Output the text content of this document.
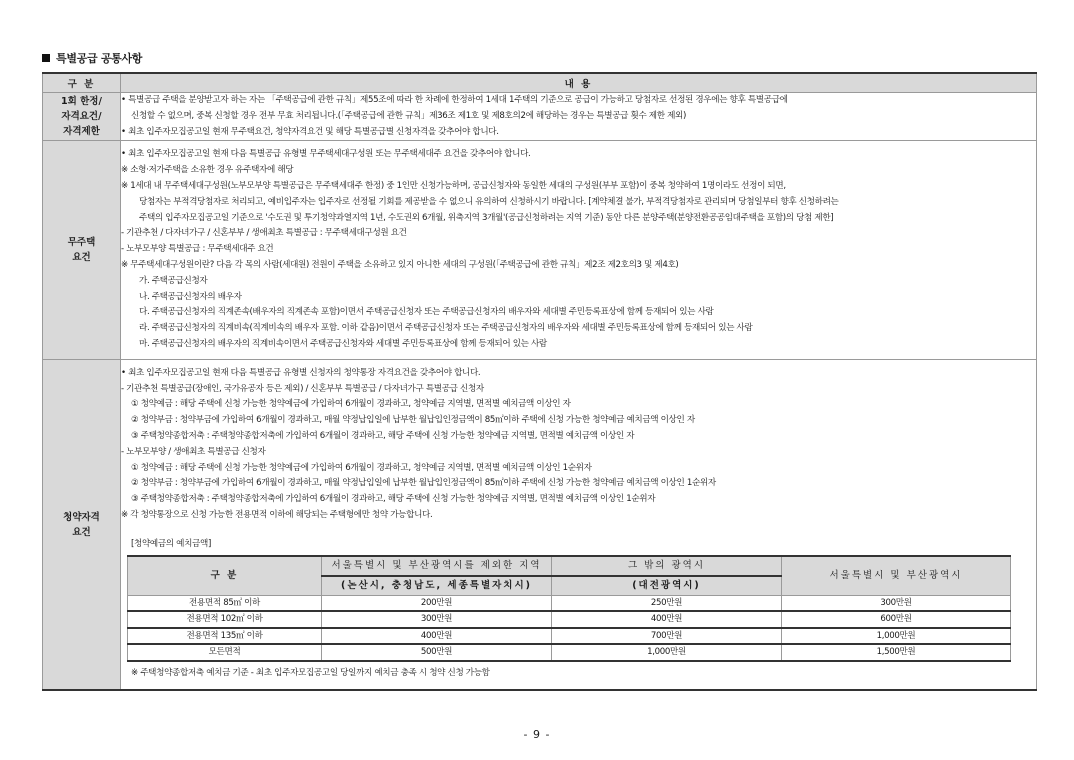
특별공급 공통사항
구 분	내 용

1회 한정/
자격요건/
자격제한

• 특별공급 주택을 분양받고자 하는 자는 「주택공급에 관한 규칙」제55조에 따라 한 차례에 한정하여 1세대 1주택의 기준으로 공급이 가능하고 당첨자로 선정된 경우에는 향후 특별공급에
신청할 수 없으며, 중복 신청할 경우 전부 무효 처리됩니다.(「주택공급에 관한 규칙」제36조 제1호 및 제8호의2에 해당하는 경우는 특별공급 횟수 제한 제외)
• 최초 입주자모집공고일 현재 무주택요건, 청약자격요건 및 해당 특별공급별 신청자격을 갖추어야 합니다.

무주택
요건

• 최초 입주자모집공고일 현재 다음 특별공급 유형별 무주택세대구성원 또는 무주택세대주 요건을 갖추어야 합니다.
※ 소형·저가주택을 소유한 경우 유주택자에 해당
※ 1세대 내 무주택세대구성원(노부모부양 특별공급은 무주택세대주 한정) 중 1인만 신청가능하며, 공급신청자와 동일한 세대의 구성원(부부 포함)이 중복 청약하여 1명이라도 선정이 되면,
당첨자는 부적격당첨자로 처리되고, 예비입주자는 입주자로 선정될 기회를 제공받을 수 없으니 유의하여 신청하시기 바랍니다. [계약체결 불가, 부적격당첨자로 관리되며 당첨일부터 향후 신청하려는
주택의 입주자모집공고일 기준으로 '수도권 및 투기청약과열지역 1년, 수도권외 6개월, 위축지역 3개월'(공급신청하려는 지역 기준) 동안 다른 분양주택(분양전환공공임대주택을 포함)의 당첨 제한]
- 기관추천 / 다자녀가구 / 신혼부부 / 생애최초 특별공급 : 무주택세대구성원 요건
- 노부모부양 특별공급 : 무주택세대주 요건
※ 무주택세대구성원이란? 다음 각 목의 사람(세대원) 전원이 주택을 소유하고 있지 아니한 세대의 구성원(「주택공급에 관한 규칙」제2조 제2호의3 및 제4호)
가. 주택공급신청자
나. 주택공급신청자의 배우자
다. 주택공급신청자의 직계존속(배우자의 직계존속 포함)이면서 주택공급신청자 또는 주택공급신청자의 배우자와 세대별 주민등록표상에 함께 등재되어 있는 사람
라. 주택공급신청자의 직계비속(직계비속의 배우자 포함. 이하 같음)이면서 주택공급신청자 또는 주택공급신청자의 배우자와 세대별 주민등록표상에 함께 등재되어 있는 사람
마. 주택공급신청자의 배우자의 직계비속이면서 주택공급신청자와 세대별 주민등록표상에 함께 등재되어 있는 사람

청약자격
요건

• 최초 입주자모집공고일 현재 다음 특별공급 유형별 신청자의 청약통장 자격요건을 갖추어야 합니다.
- 기관추천 특별공급(장애인, 국가유공자 등은 제외) / 신혼부부 특별공급 / 다자녀가구 특별공급 신청자
① 청약예금 : 해당 주택에 신청 가능한 청약예금에 가입하여 6개월이 경과하고, 청약예금 지역별, 면적별 예치금액 이상인 자
② 청약부금 : 청약부금에 가입하여 6개월이 경과하고, 매월 약정납입일에 납부한 월납입인정금액이 85㎡이하 주택에 신청 가능한 청약예금 예치금액 이상인 자
③ 주택청약종합저축 : 주택청약종합저축에 가입하여 6개월이 경과하고, 해당 주택에 신청 가능한 청약예금 지역별, 면적별 예치금액 이상인 자
- 노부모부양 / 생애최초 특별공급 신청자
① 청약예금 : 해당 주택에 신청 가능한 청약예금에 가입하여 6개월이 경과하고, 청약예금 지역별, 면적별 예치금액 이상인 1순위자
② 청약부금 : 청약부금에 가입하여 6개월이 경과하고, 매월 약정납입일에 납부한 월납입인정금액이 85㎡이하 주택에 신청 가능한 청약예금 예치금액 이상인 1순위자
③ 주택청약종합저축 : 주택청약종합저축에 가입하여 6개월이 경과하고, 해당 주택에 신청 가능한 청약예금 지역별, 면적별 예치금액 이상인 1순위자
※ 각 청약통장으로 신청 가능한 전용면적 이하에 해당되는 주택형에만 청약 가능합니다.
[청약예금의 예치금액]
구 분	서울특별시 및 부산광역시를 제외한 지역	그 밖의 광역시	서울특별시 및 부산광역시
(논산시, 충청남도, 세종특별자치시)	(대전광역시)
전용면적 85㎡ 이하	200만원	250만원	300만원
전용면적 102㎡ 이하	300만원	400만원	600만원
전용면적 135㎡ 이하	400만원	700만원	1,000만원
모든면적	500만원	1,000만원	1,500만원
※ 주택청약종합저축 예치금 기준 - 최초 입주자모집공고일 당일까지 예치금 충족 시 청약 신청 가능함
- 9 -
